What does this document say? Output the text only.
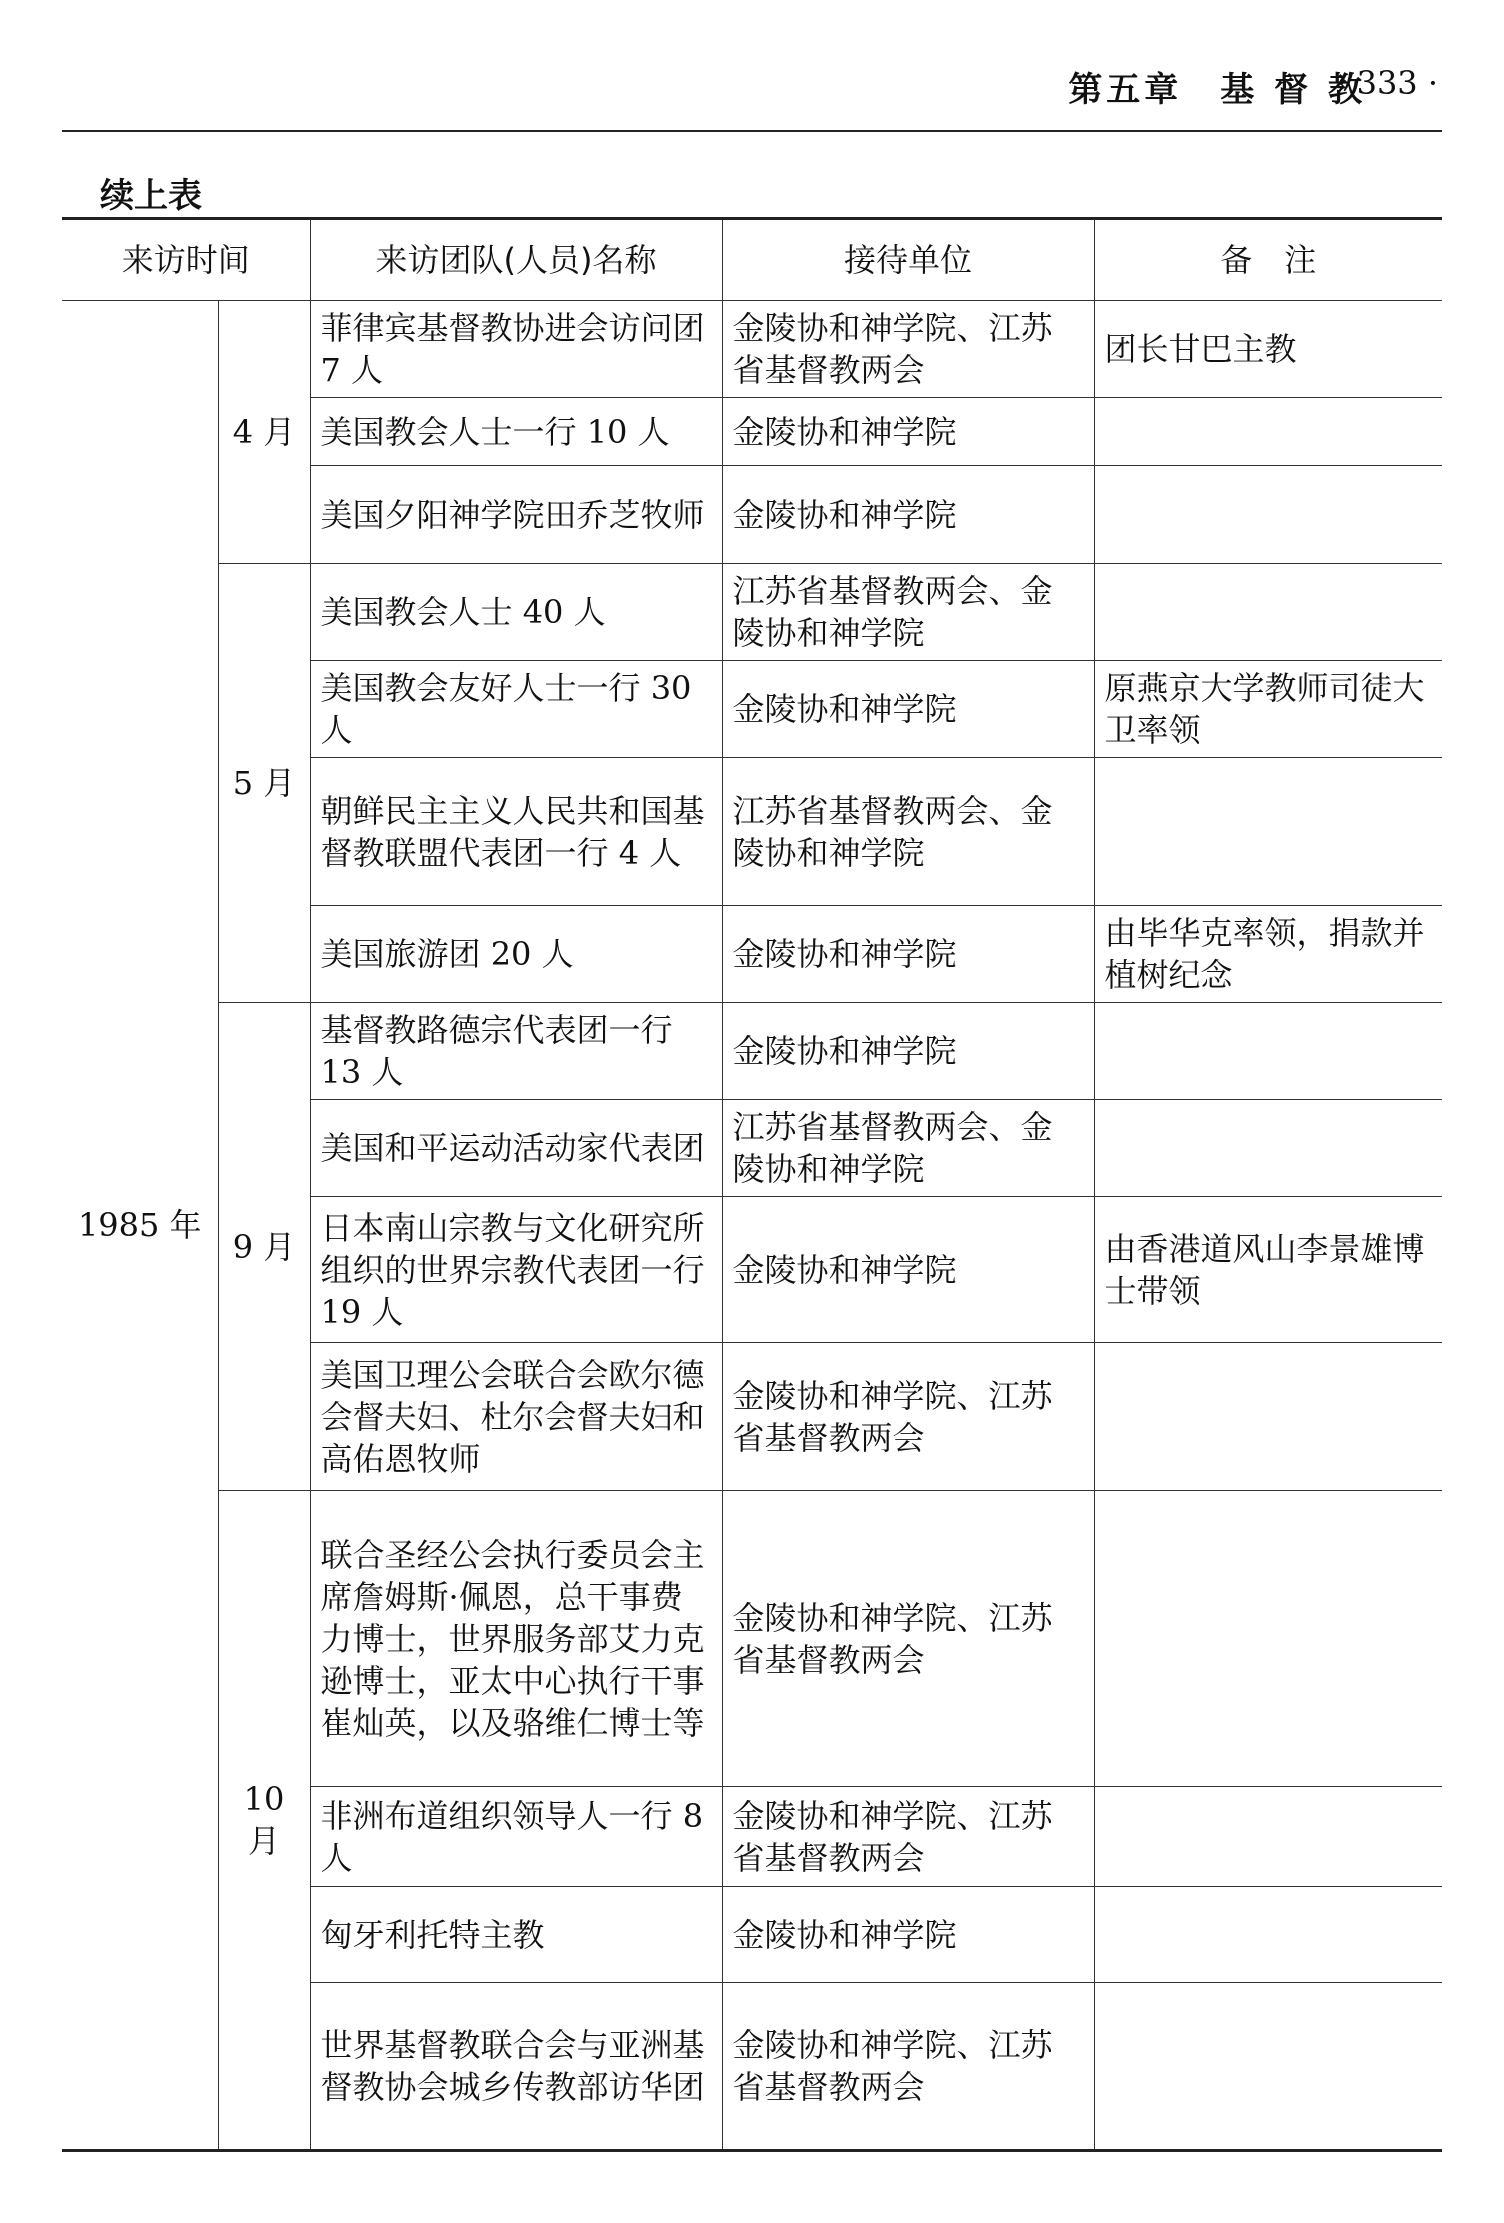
第五章　基 督 教
· 333 ·
续上表
来访时间		来访团队(人员)名称	接待单位	备　注
1985 年	4 月	菲律宾基督教协进会访问团 7 人	金陵协和神学院、江苏省基督教两会	团长甘巴主教
		美国教会人士一行 10 人	金陵协和神学院	
		美国夕阳神学院田乔芝牧师	金陵协和神学院	
	5 月	美国教会人士 40 人	江苏省基督教两会、金陵协和神学院	
		美国教会友好人士一行 30 人	金陵协和神学院	原燕京大学教师司徒大卫率领
		朝鲜民主主义人民共和国基督教联盟代表团一行 4 人	江苏省基督教两会、金陵协和神学院	
		美国旅游团 20 人	金陵协和神学院	由毕华克率领，捐款并植树纪念
	9 月	基督教路德宗代表团一行 13 人	金陵协和神学院	
		美国和平运动活动家代表团	江苏省基督教两会、金陵协和神学院	
		日本南山宗教与文化研究所组织的世界宗教代表团一行 19 人	金陵协和神学院	由香港道风山李景雄博士带领
		美国卫理公会联合会欧尔德会督夫妇、杜尔会督夫妇和高佑恩牧师	金陵协和神学院、江苏省基督教两会	
	10 月	联合圣经公会执行委员会主席詹姆斯·佩恩，总干事费力博士，世界服务部艾力克逊博士，亚太中心执行干事崔灿英，以及骆维仁博士等	金陵协和神学院、江苏省基督教两会	
		非洲布道组织领导人一行 8 人	金陵协和神学院、江苏省基督教两会	
		匈牙利托特主教	金陵协和神学院	
		世界基督教联合会与亚洲基督教协会城乡传教部访华团	金陵协和神学院、江苏省基督教两会	
